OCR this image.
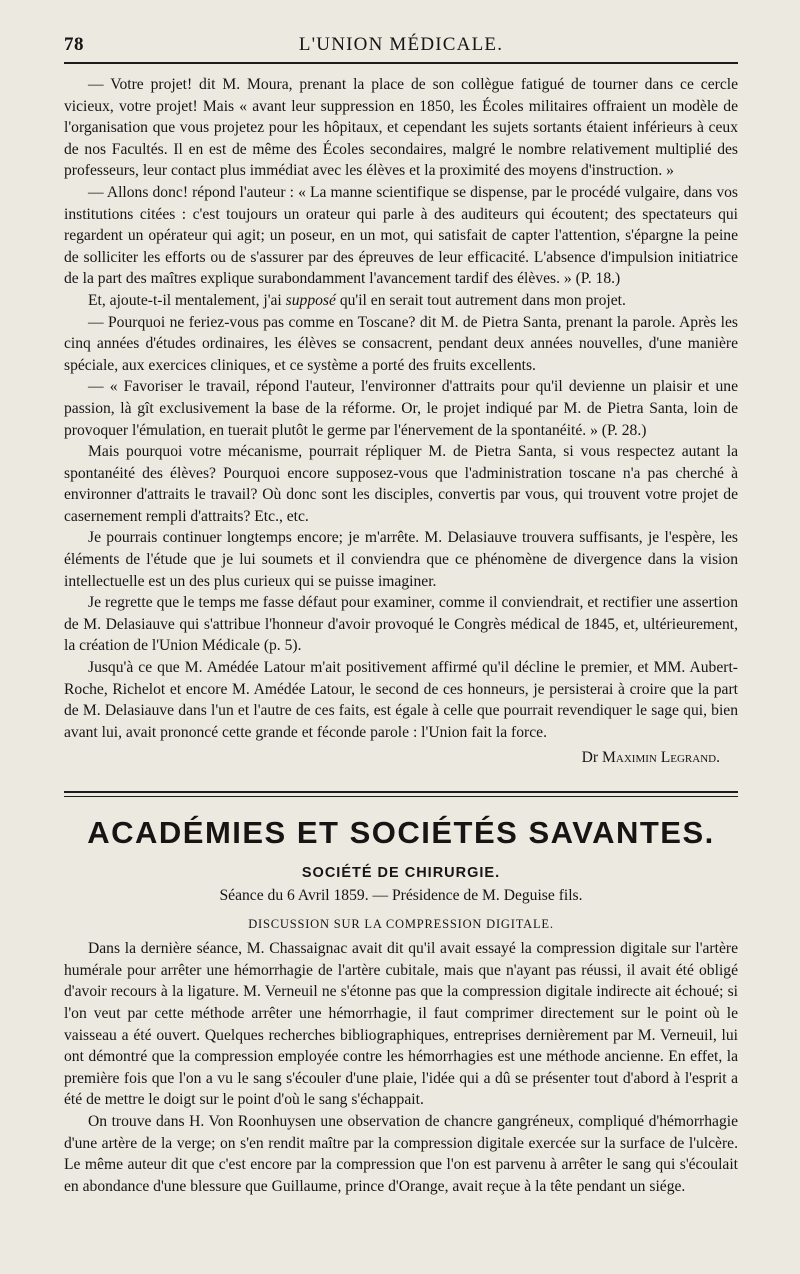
78	L'UNION MÉDICALE.

— Votre projet! dit M. Moura, prenant la place de son collègue fatigué de tourner dans ce cercle vicieux, votre projet! Mais « avant leur suppression en 1850, les Écoles militaires offraient un modèle de l'organisation que vous projetez pour les hôpitaux, et cependant les sujets sortants étaient inférieurs à ceux de nos Facultés. Il en est de même des Écoles secondaires, malgré le nombre relativement multiplié des professeurs, leur contact plus immédiat avec les élèves et la proximité des moyens d'instruction. »

— Allons donc! répond l'auteur : « La manne scientifique se dispense, par le procédé vulgaire, dans vos institutions citées : c'est toujours un orateur qui parle à des auditeurs qui écoutent; des spectateurs qui regardent un opérateur qui agit; un poseur, en un mot, qui satisfait de capter l'attention, s'épargne la peine de solliciter les efforts ou de s'assurer par des épreuves de leur efficacité. L'absence d'impulsion initiatrice de la part des maîtres explique surabondamment l'avancement tardif des élèves. » (P. 18.)

Et, ajoute-t-il mentalement, j'ai supposé qu'il en serait tout autrement dans mon projet.

— Pourquoi ne feriez-vous pas comme en Toscane? dit M. de Pietra Santa, prenant la parole. Après les cinq années d'études ordinaires, les élèves se consacrent, pendant deux années nouvelles, d'une manière spéciale, aux exercices cliniques, et ce système a porté des fruits excellents.

— « Favoriser le travail, répond l'auteur, l'environner d'attraits pour qu'il devienne un plaisir et une passion, là gît exclusivement la base de la réforme. Or, le projet indiqué par M. de Pietra Santa, loin de provoquer l'émulation, en tuerait plutôt le germe par l'énervement de la spontanéité. » (P. 28.)

Mais pourquoi votre mécanisme, pourrait répliquer M. de Pietra Santa, si vous respectez autant la spontanéité des élèves? Pourquoi encore supposez-vous que l'administration toscane n'a pas cherché à environner d'attraits le travail? Où donc sont les disciples, convertis par vous, qui trouvent votre projet de casernement rempli d'attraits? Etc., etc.

Je pourrais continuer longtemps encore; je m'arrête. M. Delasiauve trouvera suffisants, je l'espère, les éléments de l'étude que je lui soumets et il conviendra que ce phénomène de divergence dans la vision intellectuelle est un des plus curieux qui se puisse imaginer.

Je regrette que le temps me fasse défaut pour examiner, comme il conviendrait, et rectifier une assertion de M. Delasiauve qui s'attribue l'honneur d'avoir provoqué le Congrès médical de 1845, et, ultérieurement, la création de l'Union Médicale (p. 5).

Jusqu'à ce que M. Amédée Latour m'ait positivement affirmé qu'il décline le premier, et MM. Aubert-Roche, Richelot et encore M. Amédée Latour, le second de ces honneurs, je persisterai à croire que la part de M. Delasiauve dans l'un et l'autre de ces faits, est égale à celle que pourrait revendiquer le sage qui, bien avant lui, avait prononcé cette grande et féconde parole : l'Union fait la force.

Dr Maximin Legrand.
ACADÉMIES ET SOCIÉTÉS SAVANTES.
SOCIÉTÉ DE CHIRURGIE.
Séance du 6 Avril 1859. — Présidence de M. Deguise fils.
DISCUSSION SUR LA COMPRESSION DIGITALE.

Dans la dernière séance, M. Chassaignac avait dit qu'il avait essayé la compression digitale sur l'artère humérale pour arrêter une hémorrhagie de l'artère cubitale, mais que n'ayant pas réussi, il avait été obligé d'avoir recours à la ligature. M. Verneuil ne s'étonne pas que la compression digitale indirecte ait échoué; si l'on veut par cette méthode arrêter une hémorrhagie, il faut comprimer directement sur le point où le vaisseau a été ouvert. Quelques recherches bibliographiques, entreprises dernièrement par M. Verneuil, lui ont démontré que la compression employée contre les hémorrhagies est une méthode ancienne. En effet, la première fois que l'on a vu le sang s'écouler d'une plaie, l'idée qui a dû se présenter tout d'abord à l'esprit a été de mettre le doigt sur le point d'où le sang s'échappait.

On trouve dans H. Von Roonhuysen une observation de chancre gangréneux, compliqué d'hémorrhagie d'une artère de la verge; on s'en rendit maître par la compression digitale exercée sur la surface de l'ulcère. Le même auteur dit que c'est encore par la compression que l'on est parvenu à arrêter le sang qui s'écoulait en abondance d'une blessure que Guillaume, prince d'Orange, avait reçue à la tête pendant un siége.
